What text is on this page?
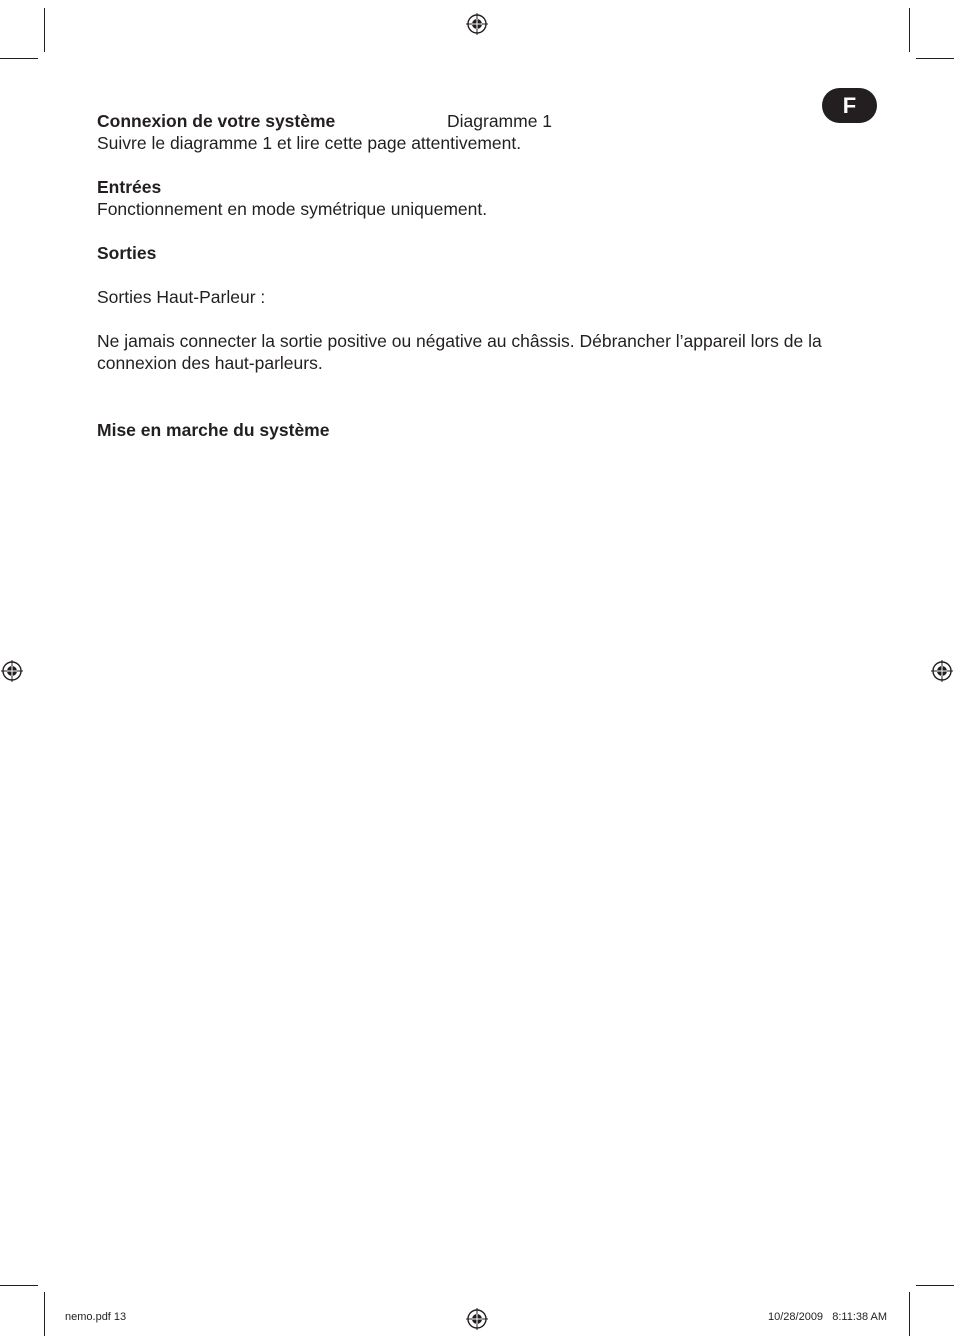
F
Connexion de votre système	Diagramme 1

Suivre le diagramme 1 et lire cette page attentivement.

Entrées

Fonctionnement en mode symétrique uniquement.

Sorties

Sorties Haut-Parleur :

Ne jamais connecter la sortie positive ou négative au châssis. Débrancher l’appareil lors de la connexion des haut-parleurs.

Mise en marche du système

nemo.pdf 13	10/28/2009   8:11:38 AM
